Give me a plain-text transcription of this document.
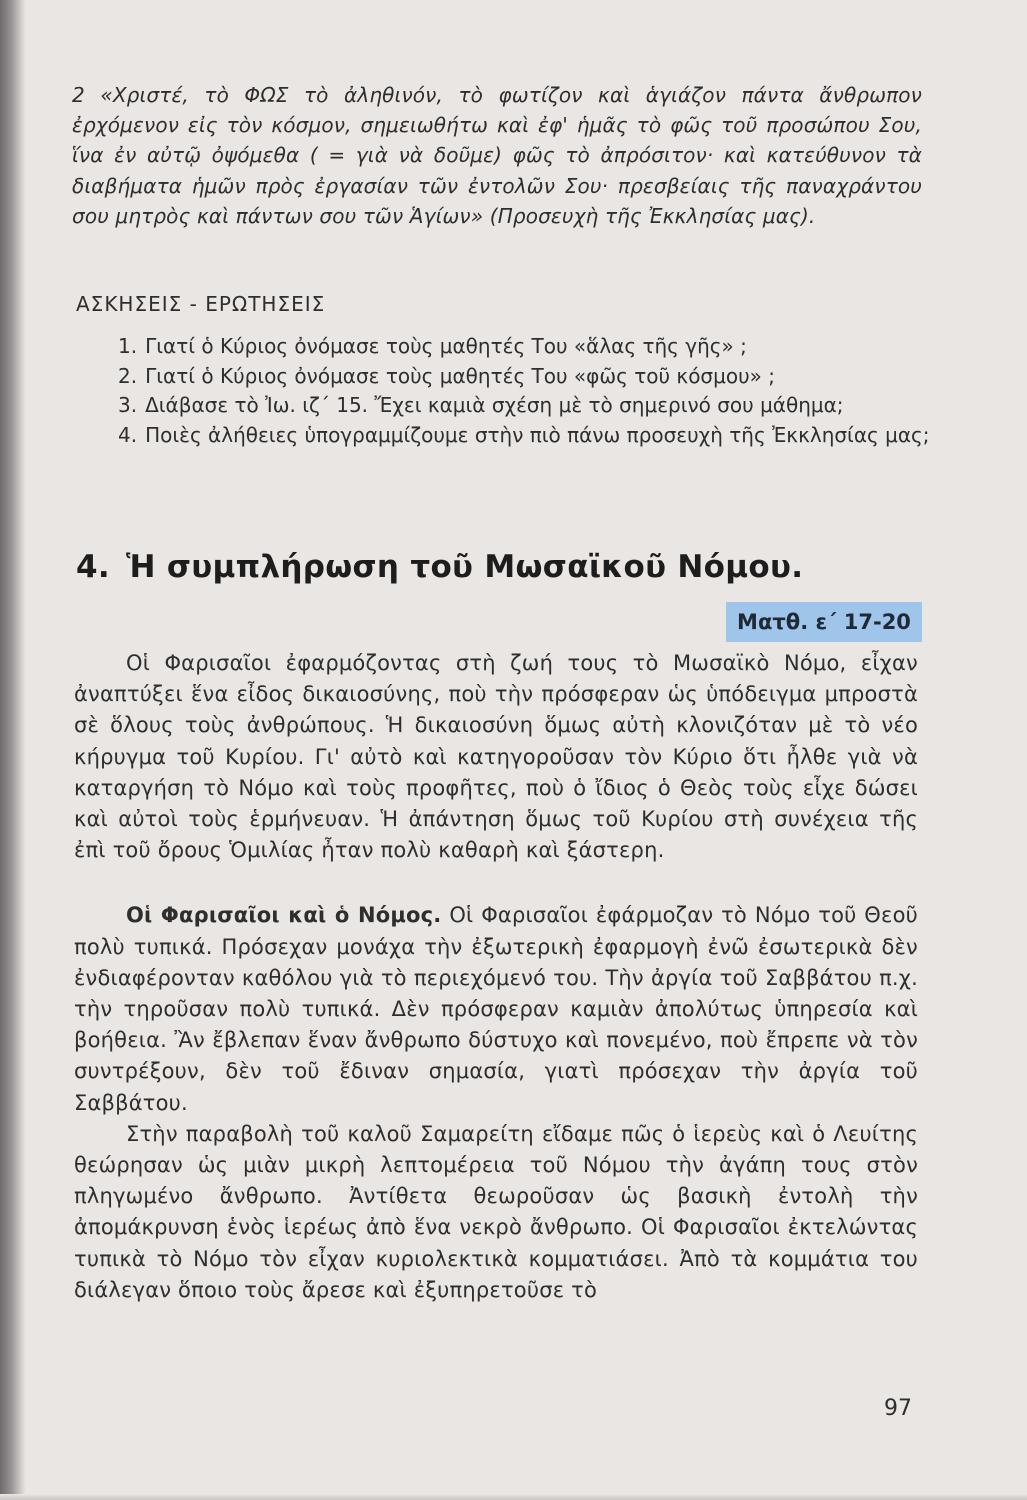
2 «Χριστέ, τὸ ΦΩΣ τὸ ἀληθινόν, τὸ φωτίζον καὶ ἁγιάζον πάντα ἄνθρωπον ἐρχόμενον εἰς τὸν κόσμον, σημειωθήτω καὶ ἐφ' ἡμᾶς τὸ φῶς τοῦ προσώπου Σου, ἵνα ἐν αὐτῷ ὀψόμεθα ( = γιὰ νὰ δοῦμε) φῶς τὸ ἀπρόσιτον· καὶ κατεύθυνον τὰ διαβήματα ἡμῶν πρὸς ἐργασίαν τῶν ἐντολῶν Σου· πρεσβείαις τῆς παναχράντου σου μητρὸς καὶ πάντων σου τῶν Ἁγίων» (Προσευχὴ τῆς Ἐκκλησίας μας).
ΑΣΚΗΣΕΙΣ - ΕΡΩΤΗΣΕΙΣ
1. Γιατί ὁ Κύριος ὀνόμασε τοὺς μαθητές Του «ἅλας τῆς γῆς» ;
2. Γιατί ὁ Κύριος ὀνόμασε τοὺς μαθητές Του «φῶς τοῦ κόσμου» ;
3. Διάβασε τὸ Ἰω. ιζ΄ 15. Ἔχει καμιὰ σχέση μὲ τὸ σημερινό σου μάθημα;
4. Ποιὲς ἀλήθειες ὑπογραμμίζουμε στὴν πιὸ πάνω προσευχὴ τῆς Ἐκκλησίας μας;
4. Ἡ συμπλήρωση τοῦ Μωσαϊκοῦ Νόμου.
Ματθ. ε΄ 17-20

Οἱ Φαρισαῖοι ἐφαρμόζοντας στὴ ζωή τους τὸ Μωσαϊκὸ Νόμο, εἶχαν ἀναπτύξει ἕνα εἶδος δικαιοσύνης, ποὺ τὴν πρόσφεραν ὡς ὑπόδειγμα μπροστὰ σὲ ὅλους τοὺς ἀνθρώπους. Ἡ δικαιοσύνη ὅμως αὐτὴ κλονιζόταν μὲ τὸ νέο κήρυγμα τοῦ Κυρίου. Γι' αὐτὸ καὶ κατηγοροῦσαν τὸν Κύριο ὅτι ἦλθε γιὰ νὰ καταργήση τὸ Νόμο καὶ τοὺς προφῆτες, ποὺ ὁ ἴδιος ὁ Θεὸς τοὺς εἶχε δώσει καὶ αὐτοὶ τοὺς ἑρμήνευαν. Ἡ ἀπάντηση ὅμως τοῦ Κυρίου στὴ συνέχεια τῆς ἐπὶ τοῦ ὄρους Ὁμιλίας ἦταν πολὺ καθαρὴ καὶ ξάστερη.

Οἱ Φαρισαῖοι καὶ ὁ Νόμος. Οἱ Φαρισαῖοι ἐφάρμοζαν τὸ Νόμο τοῦ Θεοῦ πολὺ τυπικά. Πρόσεχαν μονάχα τὴν ἐξωτερικὴ ἐφαρμογὴ ἐνῶ ἐσωτερικὰ δὲν ἐνδιαφέρονταν καθόλου γιὰ τὸ περιεχόμενό του. Τὴν ἀργία τοῦ Σαββάτου π.χ. τὴν τηροῦσαν πολὺ τυπικά. Δὲν πρόσφεραν καμιὰν ἀπολύτως ὑπηρεσία καὶ βοήθεια. Ἂν ἔβλεπαν ἕναν ἄνθρωπο δύστυχο καὶ πονεμένο, ποὺ ἔπρεπε νὰ τὸν συντρέξουν, δὲν τοῦ ἔδιναν σημασία, γιατὶ πρόσεχαν τὴν ἀργία τοῦ Σαββάτου.

Στὴν παραβολὴ τοῦ καλοῦ Σαμαρείτη εἴδαμε πῶς ὁ ἱερεὺς καὶ ὁ Λευίτης θεώρησαν ὡς μιὰν μικρὴ λεπτομέρεια τοῦ Νόμου τὴν ἀγάπη τους στὸν πληγωμένο ἄνθρωπο. Ἀντίθετα θεωροῦσαν ὡς βασικὴ ἐντολὴ τὴν ἀπομάκρυνση ἑνὸς ἱερέως ἀπὸ ἕνα νεκρὸ ἄνθρωπο. Οἱ Φαρισαῖοι ἐκτελώντας τυπικὰ τὸ Νόμο τὸν εἶχαν κυριολεκτικὰ κομματιάσει. Ἀπὸ τὰ κομμάτια του διάλεγαν ὅποιο τοὺς ἄρεσε καὶ ἐξυπηρετοῦσε τὸ

97
